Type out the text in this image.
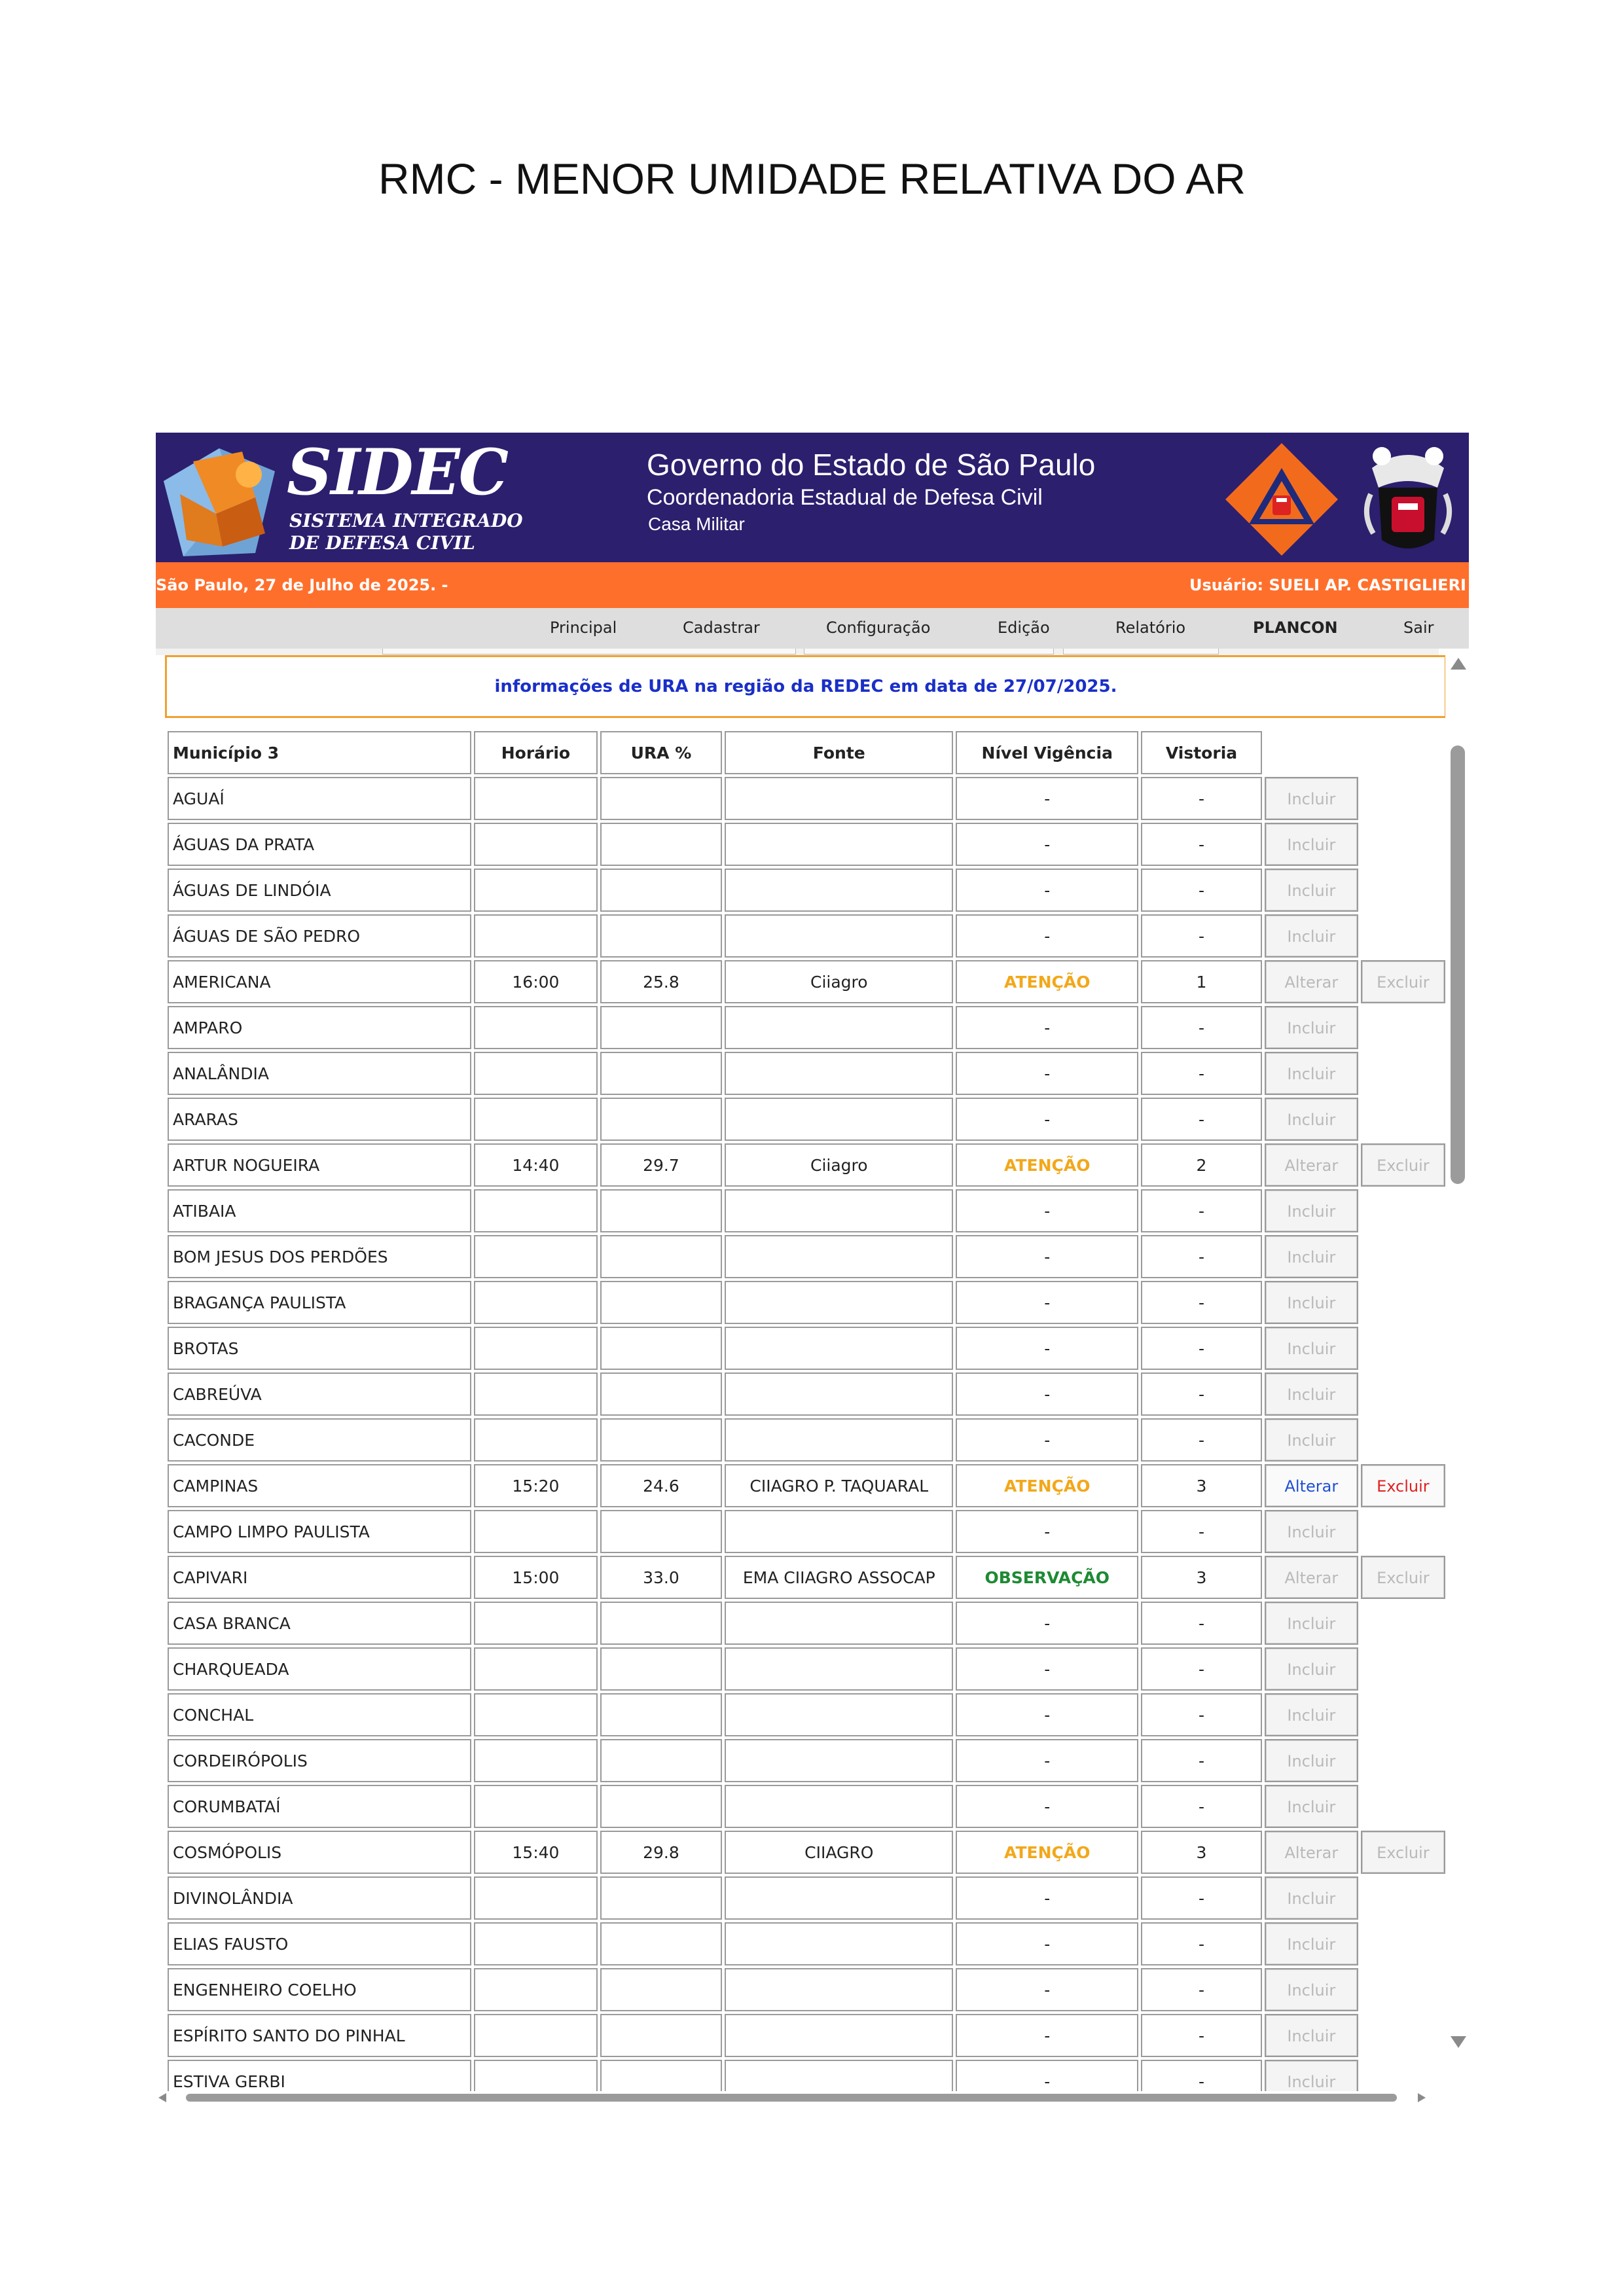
RMC - MENOR UMIDADE RELATIVA DO AR
SIDEC
SISTEMA INTEGRADO
DE DEFESA CIVIL
Governo do Estado de São Paulo
Coordenadoria Estadual de Defesa Civil
Casa Militar
São Paulo, 27 de Julho de 2025. -	Usuário: SUELI AP. CASTIGLIERI
Principal	Cadastrar	Configuração	Edição	Relatório	PLANCON	Sair
informações de URA na região da REDEC em data de 27/07/2025.
Município 3	Horário	URA %	Fonte	Nível Vigência	Vistoria		
AGUAÍ				-	-	Incluir	

ÁGUAS DA PRATA				-	-	Incluir	

ÁGUAS DE LINDÓIA				-	-	Incluir	

ÁGUAS DE SÃO PEDRO				-	-	Incluir	

AMERICANA	16:00	25.8	Ciiagro	ATENÇÃO	1	Alterar	Excluir

AMPARO				-	-	Incluir	

ANALÂNDIA				-	-	Incluir	

ARARAS				-	-	Incluir	

ARTUR NOGUEIRA	14:40	29.7	Ciiagro	ATENÇÃO	2	Alterar	Excluir

ATIBAIA				-	-	Incluir	

BOM JESUS DOS PERDÕES				-	-	Incluir	

BRAGANÇA PAULISTA				-	-	Incluir	

BROTAS				-	-	Incluir	

CABREÚVA				-	-	Incluir	

CACONDE				-	-	Incluir	

CAMPINAS	15:20	24.6	CIIAGRO P. TAQUARAL	ATENÇÃO	3	Alterar	Excluir

CAMPO LIMPO PAULISTA				-	-	Incluir	

CAPIVARI	15:00	33.0	EMA CIIAGRO ASSOCAP	OBSERVAÇÃO	3	Alterar	Excluir

CASA BRANCA				-	-	Incluir	

CHARQUEADA				-	-	Incluir	

CONCHAL				-	-	Incluir	

CORDEIRÓPOLIS				-	-	Incluir	

CORUMBATAÍ				-	-	Incluir	

COSMÓPOLIS	15:40	29.8	CIIAGRO	ATENÇÃO	3	Alterar	Excluir

DIVINOLÂNDIA				-	-	Incluir	

ELIAS FAUSTO				-	-	Incluir	

ENGENHEIRO COELHO				-	-	Incluir	

ESPÍRITO SANTO DO PINHAL				-	-	Incluir	

ESTIVA GERBI				-	-	Incluir	
